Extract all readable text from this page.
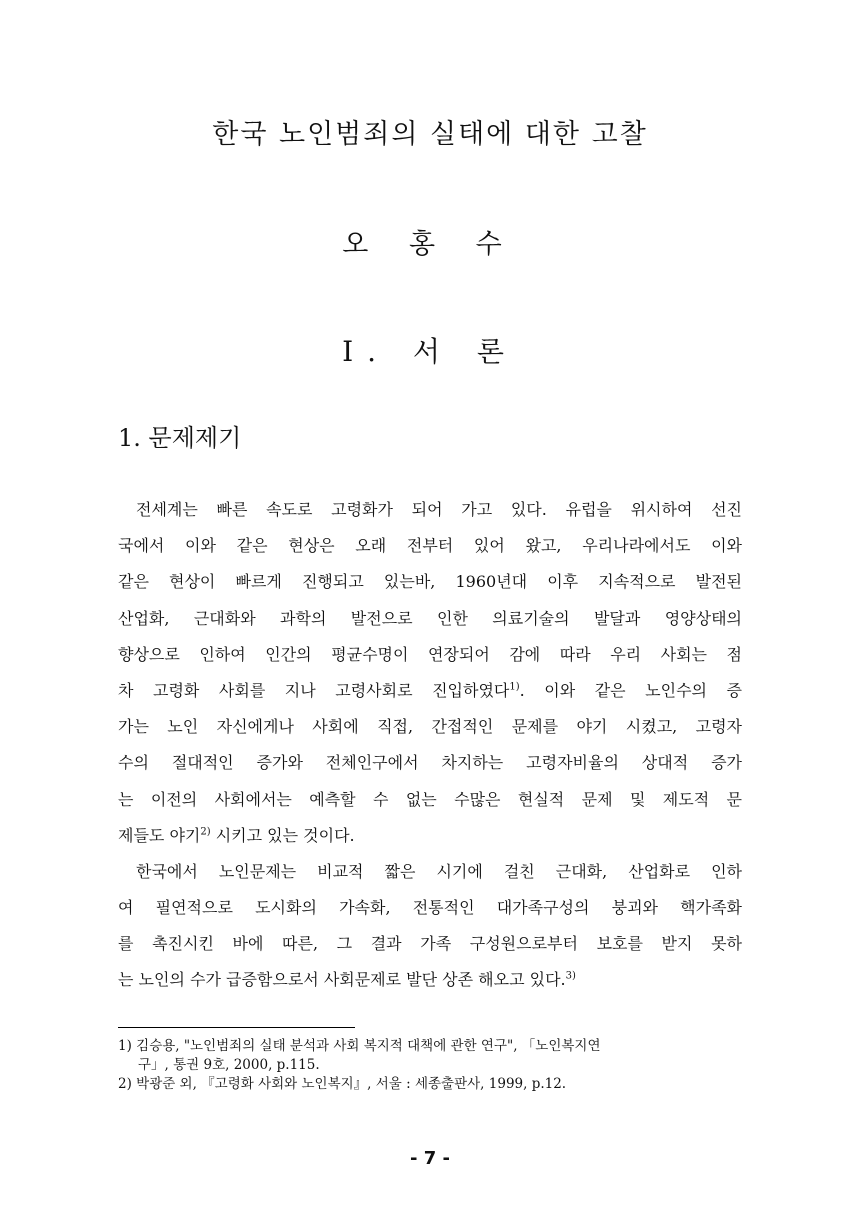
한국 노인범죄의 실태에 대한 고찰
오 홍 수
Ⅰ. 서 론
1. 문제제기
전세계는 빠른 속도로 고령화가 되어 가고 있다. 유럽을 위시하여 선진
국에서 이와 같은 현상은 오래 전부터 있어 왔고, 우리나라에서도 이와
같은 현상이 빠르게 진행되고 있는바, 1960년대 이후 지속적으로 발전된
산업화, 근대화와 과학의 발전으로 인한 의료기술의 발달과 영양상태의
향상으로 인하여 인간의 평균수명이 연장되어 감에 따라 우리 사회는 점
차 고령화 사회를 지나 고령사회로 진입하였다$^{1)}$. 이와 같은 노인수의 증
가는 노인 자신에게나 사회에 직접, 간접적인 문제를 야기 시켰고, 고령자
수의 절대적인 증가와 전체인구에서 차지하는 고령자비율의 상대적 증가
는 이전의 사회에서는 예측할 수 없는 수많은 현실적 문제 및 제도적 문
제들도 야기$^{2)}$ 시키고 있는 것이다.
한국에서 노인문제는 비교적 짧은 시기에 걸친 근대화, 산업화로 인하
여 필연적으로 도시화의 가속화, 전통적인 대가족구성의 붕괴와 핵가족화
를 촉진시킨 바에 따른, 그 결과 가족 구성원으로부터 보호를 받지 못하
는 노인의 수가 급증함으로서 사회문제로 발단 상존 해오고 있다.$^{3)}$
1) 김승용, "노인범죄의 실태 분석과 사회 복지적 대책에 관한 연구", 「노인복지연
구」, 통권 9호, 2000, p.115.
2) 박광준 외, 『고령화 사회와 노인복지』, 서울 : 세종출판사, 1999, p.12.
- 7 -
